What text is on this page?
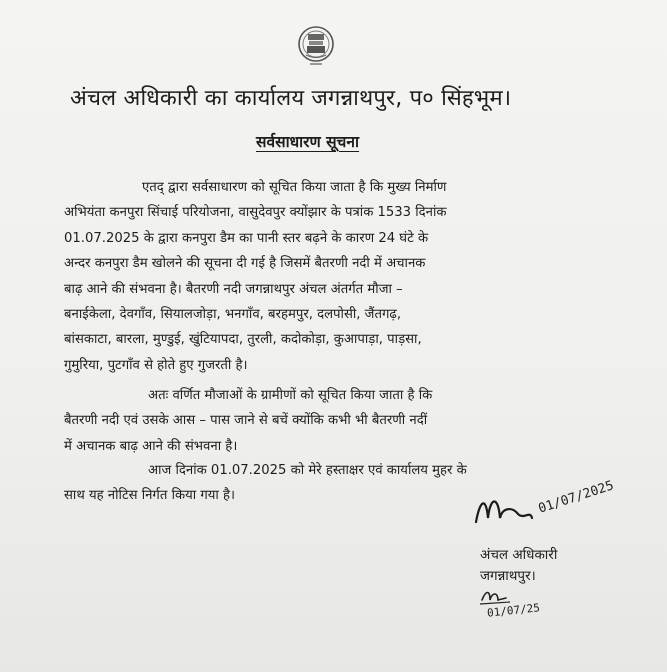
अंचल अधिकारी का कार्यालय जगन्नाथपुर, प० सिंहभूम।
सर्वसाधारण सूचना

एतद् द्वारा सर्वसाधारण को सूचित किया जाता है कि मुख्य निर्माण
अभियंता कनपुरा सिंचाई परियोजना, वासुदेवपुर क्योंझार के पत्रांक 1533 दिनांक
01.07.2025 के द्वारा कनपुरा डैम का पानी स्तर बढ़ने के कारण 24 घंटे के
अन्दर कनपुरा डैम खोलने की सूचना दी गई है जिसमें बैतरणी नदी में अचानक
बाढ़ आने की संभवना है। बैतरणी नदी जगन्नाथपुर अंचल अंतर्गत मौजा –
बनाईकेला, देवगाँव, सियालजोड़ा, भनगाँव, बरहमपुर, दलपोसी, जैंतगढ़,
बांसकाटा, बारला, मुण्डुई, खुंटियापदा, तुरली, कदोकोड़ा, कुआपाड़ा, पाड़सा,
गुमुरिया, पुटगाँव से होते हुए गुजरती है।

अतः वर्णित मौजाओं के ग्रामीणों को सूचित किया जाता है कि
बैतरणी नदी एवं उसके आस – पास जाने से बचें क्योंकि कभी भी बैतरणी नदीं
में अचानक बाढ़ आने की संभवना है।

आज दिनांक 01.07.2025 को मेरे हस्ताक्षर एवं कार्यालय मुहर के
साथ यह नोटिस निर्गत किया गया है।	01/07/2025
अंचल अधिकारी
जगन्नाथपुर।
01/07/25
